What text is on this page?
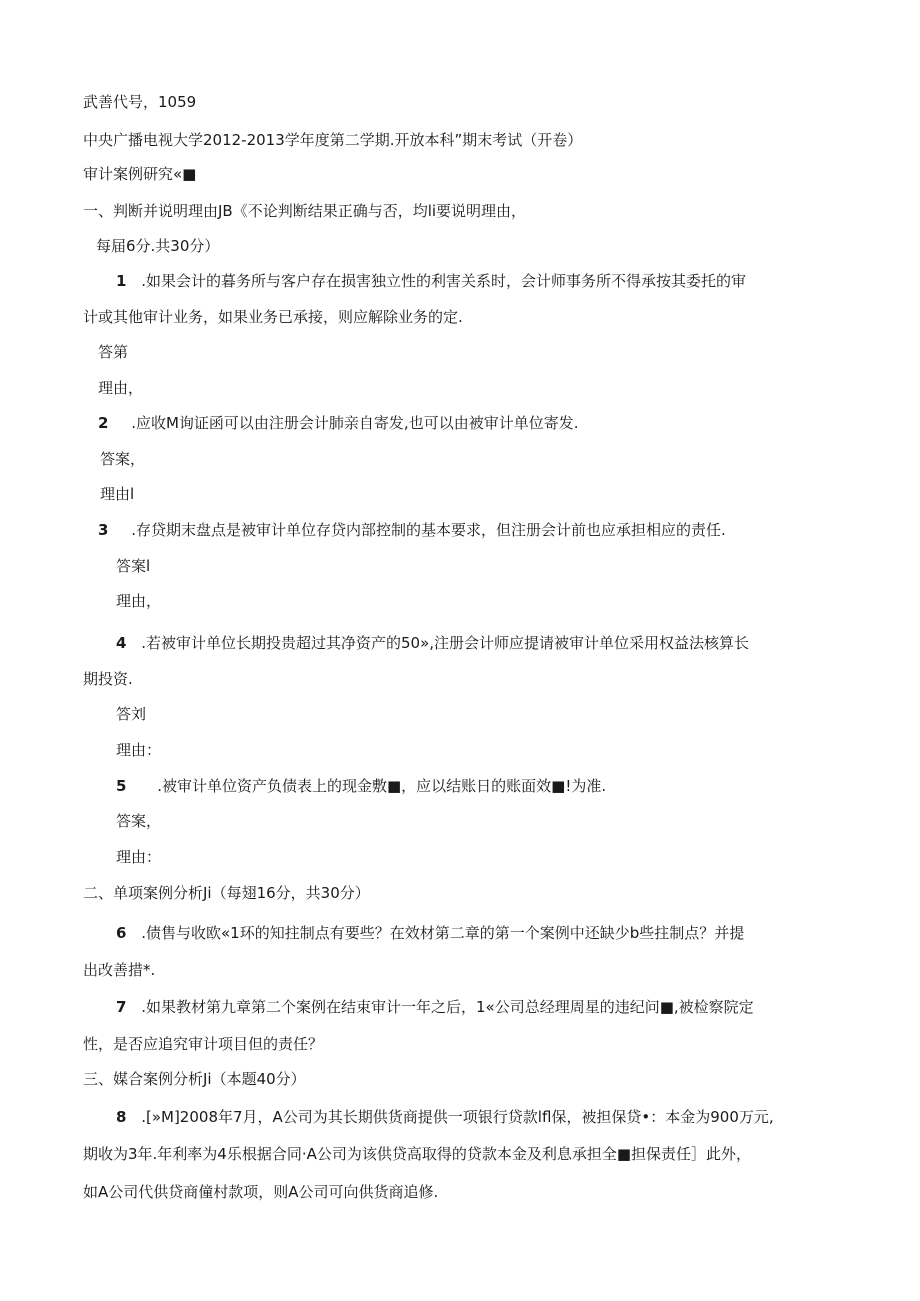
武善代号，1059
中央广播电视大学2012-2013学年度第二学期.开放本科”期末考试（开卷）
审计案例研究«■
一、判断并说明理由JB《不论判断结果正确与否，均li要说明理由，
每届6分.共30分）
1 .如果会计的暮务所与客户存在损害独立性的利害关系时，会计师事务所不得承按其委托的审
计或其他审计业务，如果业务已承接，则应解除业务的定.
答第
理由，
2 .应收M询证函可以由注册会计肺亲自寄发,也可以由被审计单位寄发.
答案，
理由l
3 .存贷期末盘点是被审计单位存贷内部控制的基本要求，但注册会计前也应承担相应的责任.
答案l
理由，
4 .若被审计单位长期投贵超过其净资产的50»,注册会计师应提请被审计单位采用权益法核算长
期投资.
答刘
理由：
5 .被审计单位资产负债表上的现金敷■，应以结账日的账面效■!为准.
答案，
理由：
二、单项案例分析Ji（每翅16分，共30分）
6 .债售与收欧«1环的知拄制点有要些？在效材第二章的第一个案例中还缺少b些拄制点？并提
出改善措*.
7 .如果教材第九章第二个案例在结束审计一年之后，1«公司总经理周星的违纪问■,被检察院定
性，是否应追究审计项目但的责任？
三、媒合案例分析Ji（本题40分）
8 .[»M]2008年7月，A公司为其长期供货商提供一项银行贷款lfl保，被担保贷•：本金为900万元,
期收为3年.年利率为4乐根据合同·A公司为该供贷高取得的贷款本金及利息承担全■担保责任］此外，
如A公司代供贷商僮村款项，则A公司可向供货商追修.
